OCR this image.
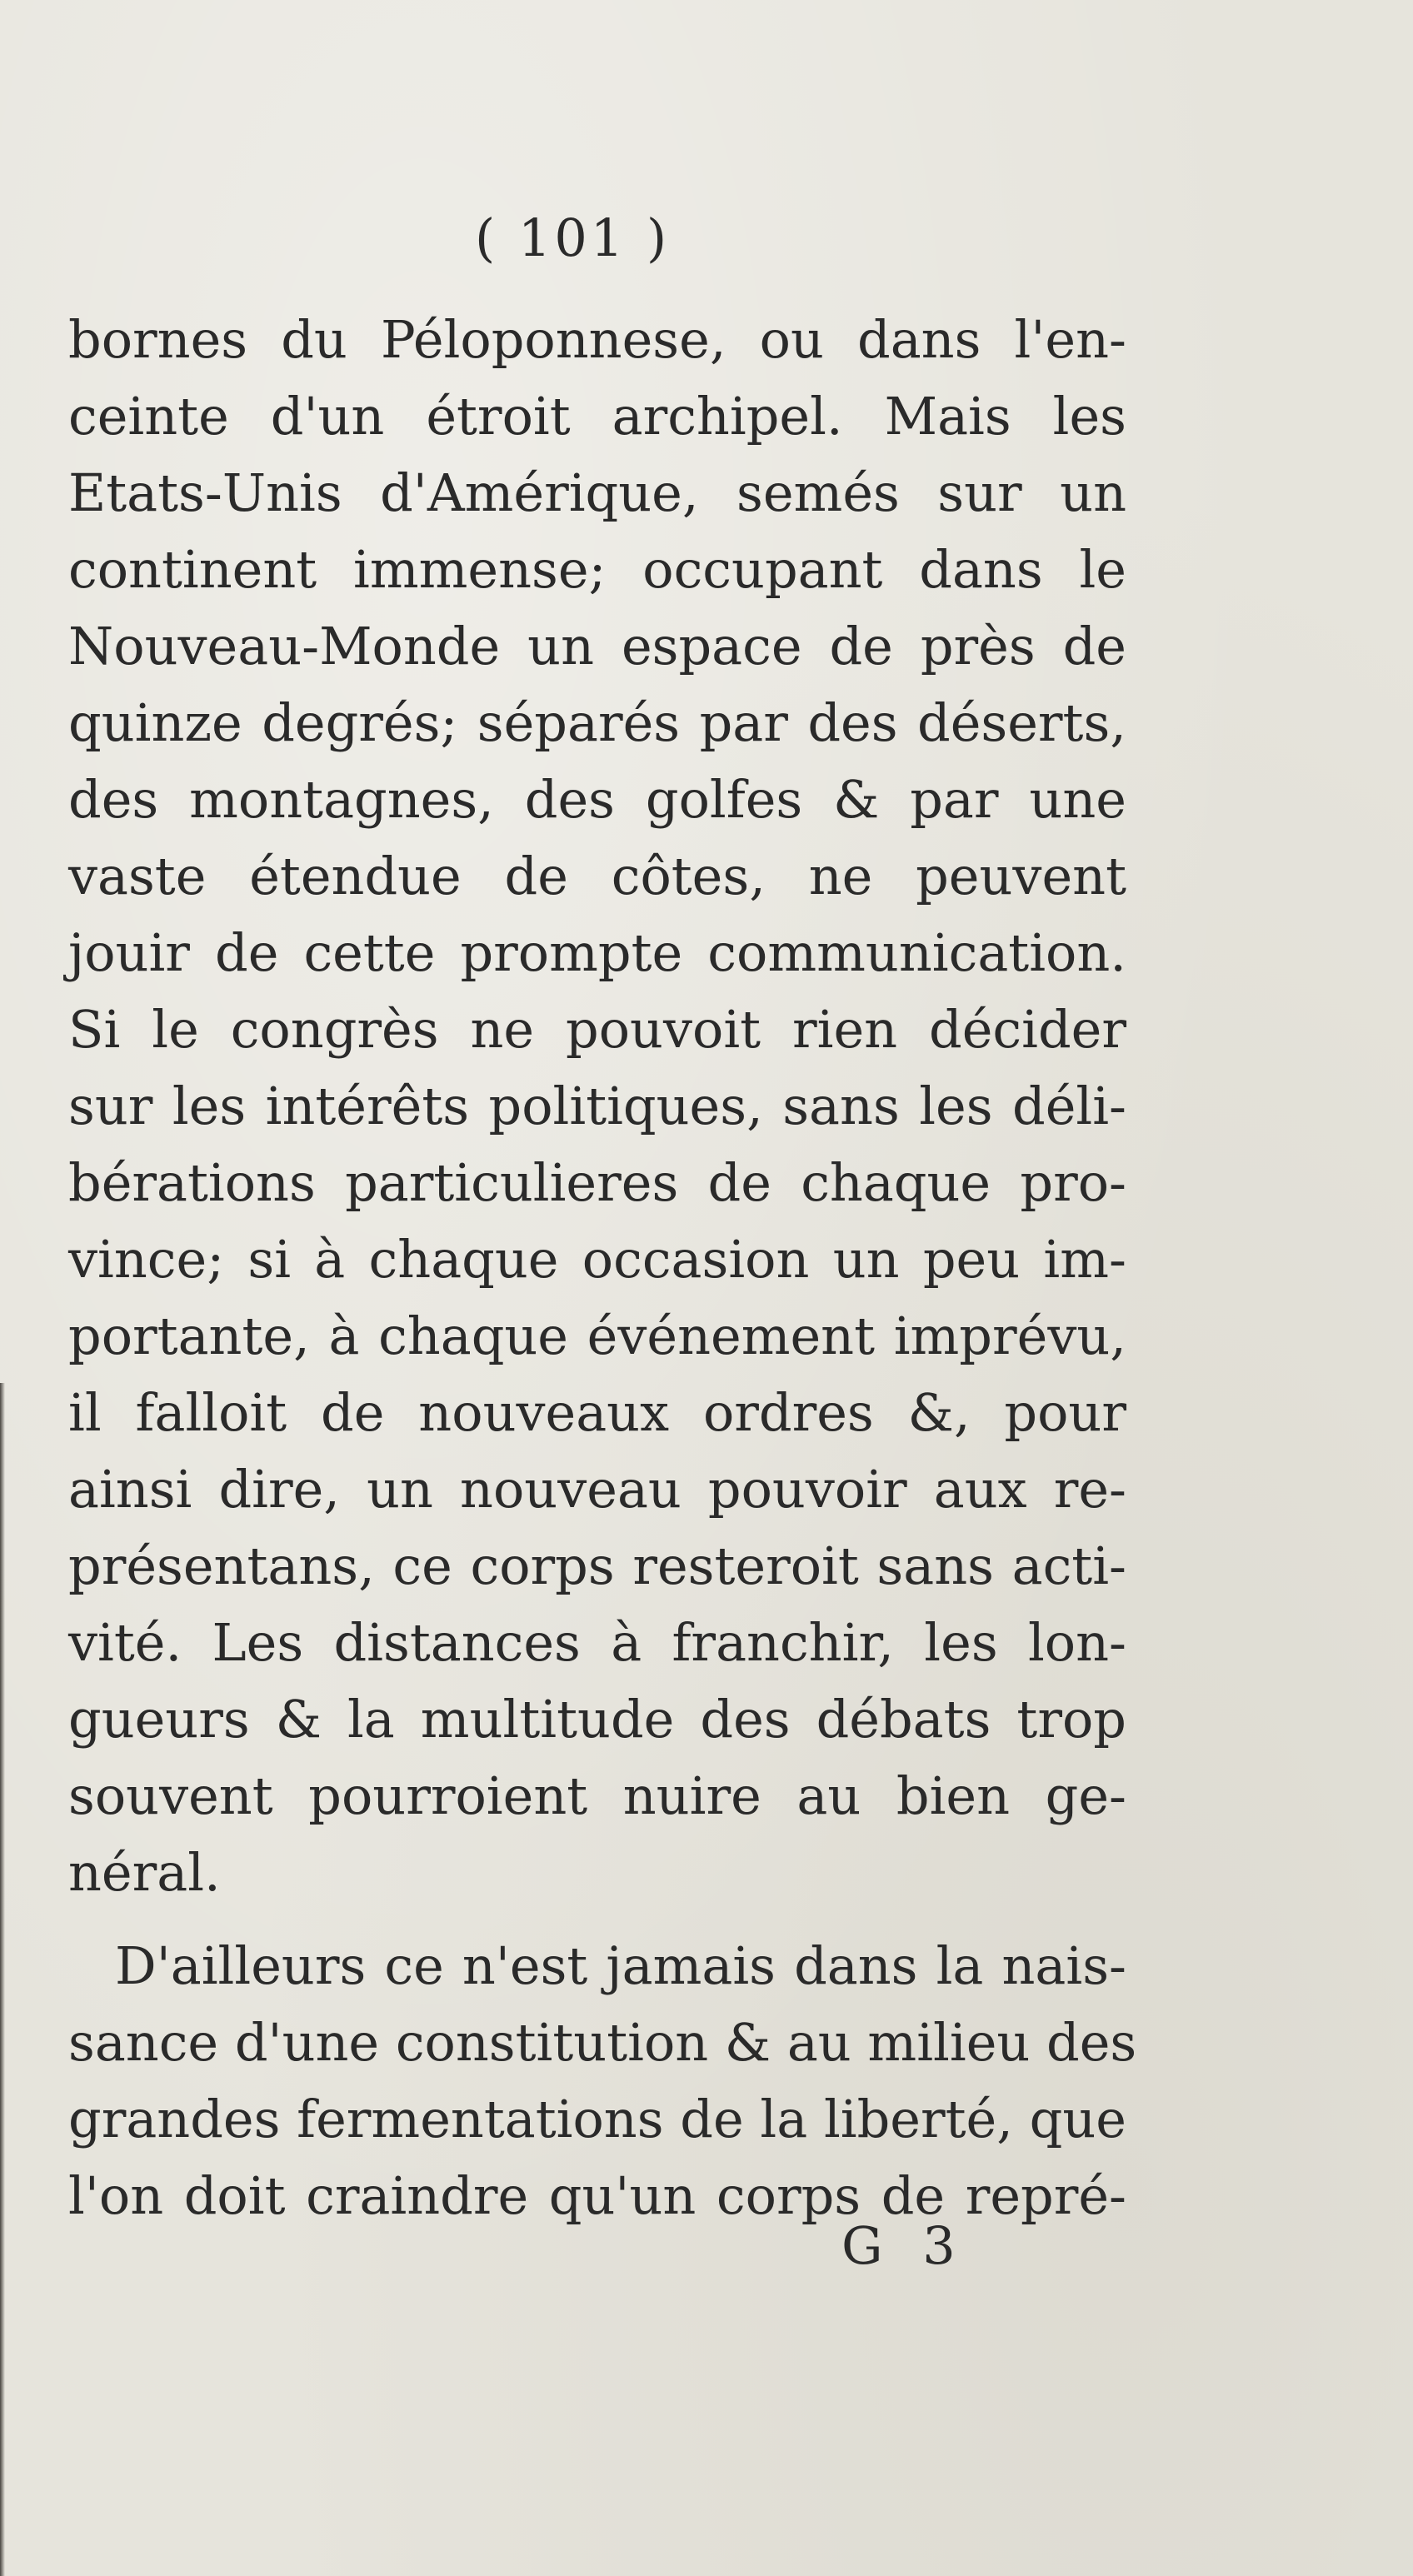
( 101 )
bornes du Péloponnese, ou dans l'en-
ceinte d'un étroit archipel. Mais les
Etats-Unis d'Amérique, semés sur un
continent immense; occupant dans le
Nouveau-Monde un espace de près de
quinze degrés; séparés par des déserts,
des montagnes, des golfes & par une
vaste étendue de côtes, ne peuvent
jouir de cette prompte communication.
Si le congrès ne pouvoit rien décider
sur les intérêts politiques, sans les déli-
bérations particulieres de chaque pro-
vince; si à chaque occasion un peu im-
portante, à chaque événement imprévu,
il falloit de nouveaux ordres &, pour
ainsi dire, un nouveau pouvoir aux re-
présentans, ce corps resteroit sans acti-
vité. Les distances à franchir, les lon-
gueurs & la multitude des débats trop
souvent pourroient nuire au bien ge-
néral.
D'ailleurs ce n'est jamais dans la nais-
sance d'une constitution & au milieu des
grandes fermentations de la liberté, que
l'on doit craindre qu'un corps de repré-
G 3
